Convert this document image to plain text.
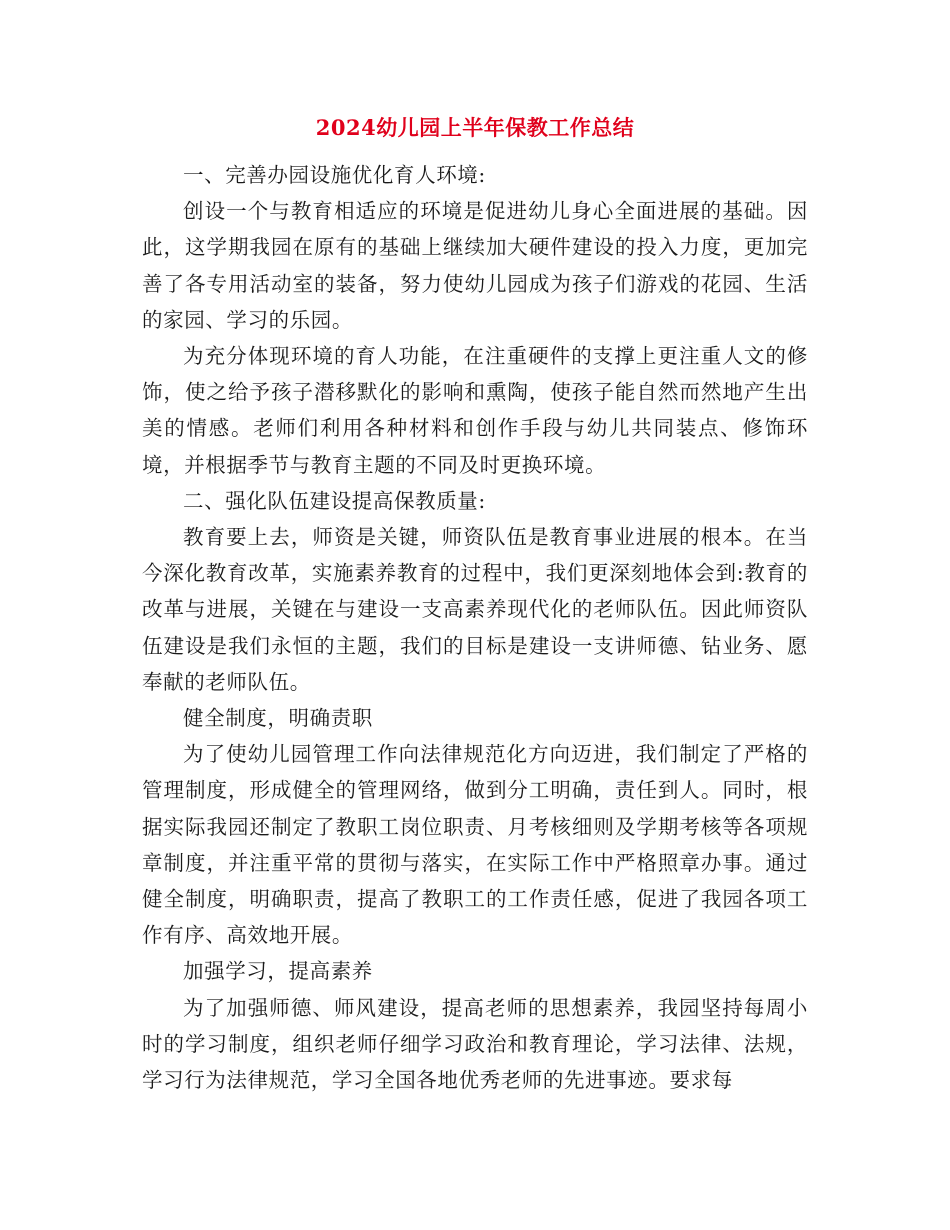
2024幼儿园上半年保教工作总结

一、完善办园设施优化育人环境:

创设一个与教育相适应的环境是促进幼儿身心全面进展的基础。因此，这学期我园在原有的基础上继续加大硬件建设的投入力度，更加完善了各专用活动室的装备，努力使幼儿园成为孩子们游戏的花园、生活的家园、学习的乐园。

为充分体现环境的育人功能，在注重硬件的支撑上更注重人文的修饰，使之给予孩子潜移默化的影响和熏陶，使孩子能自然而然地产生出美的情感。老师们利用各种材料和创作手段与幼儿共同装点、修饰环境，并根据季节与教育主题的不同及时更换环境。

二、强化队伍建设提高保教质量:

教育要上去，师资是关键，师资队伍是教育事业进展的根本。在当今深化教育改革，实施素养教育的过程中，我们更深刻地体会到:教育的改革与进展，关键在与建设一支高素养现代化的老师队伍。因此师资队伍建设是我们永恒的主题，我们的目标是建设一支讲师德、钻业务、愿奉献的老师队伍。

健全制度，明确责职

为了使幼儿园管理工作向法律规范化方向迈进，我们制定了严格的管理制度，形成健全的管理网络，做到分工明确，责任到人。同时，根据实际我园还制定了教职工岗位职责、月考核细则及学期考核等各项规章制度，并注重平常的贯彻与落实，在实际工作中严格照章办事。通过健全制度，明确职责，提高了教职工的工作责任感，促进了我园各项工作有序、高效地开展。

加强学习，提高素养

为了加强师德、师风建设，提高老师的思想素养，我园坚持每周小时的学习制度，组织老师仔细学习政治和教育理论，学习法律、法规，学习行为法律规范，学习全国各地优秀老师的先进事迹。要求每
